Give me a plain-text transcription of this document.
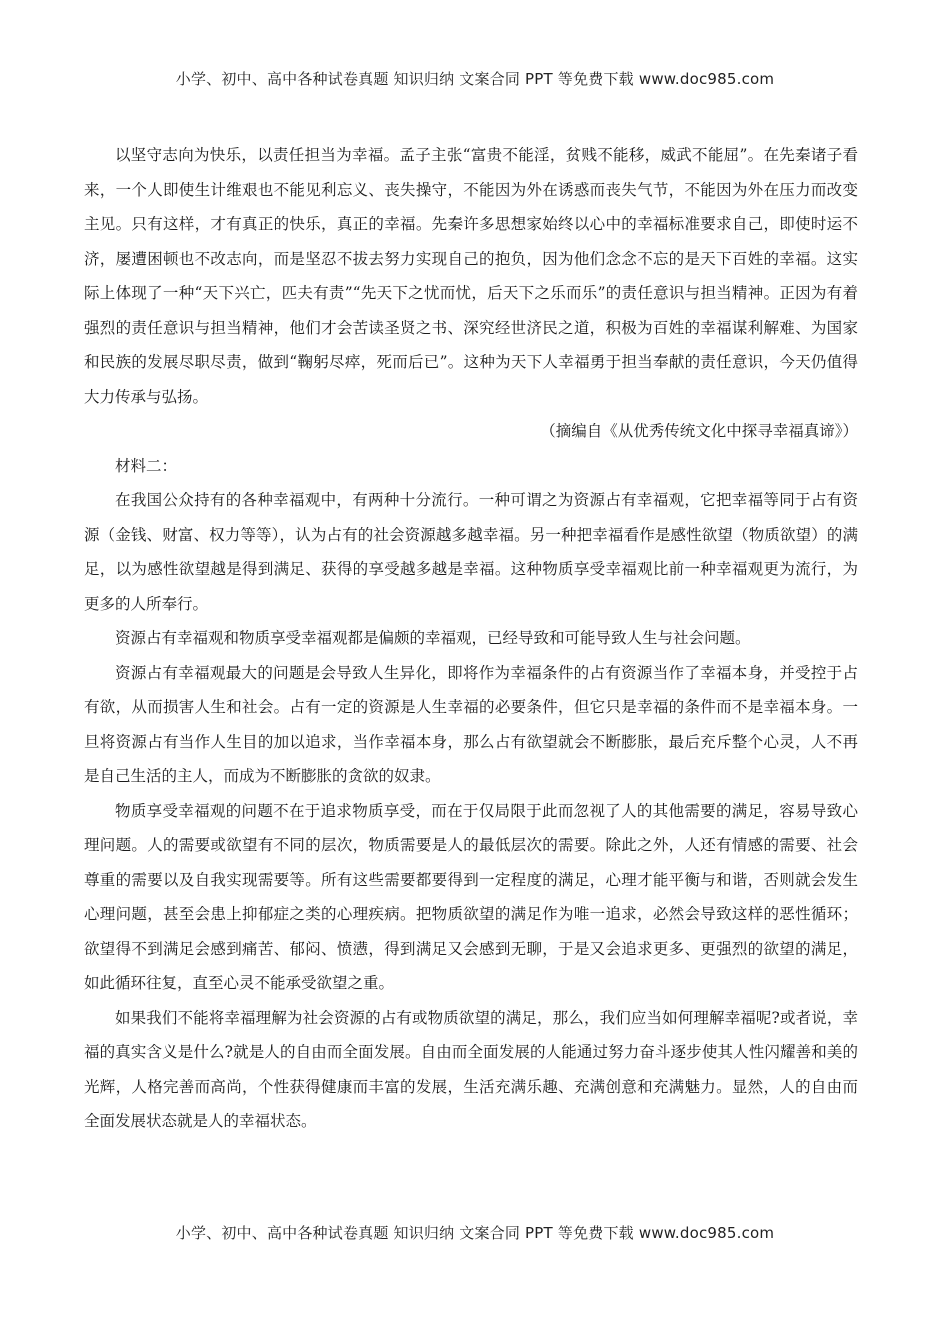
小学、初中、高中各种试卷真题 知识归纳 文案合同 PPT 等免费下载 www.doc985.com

以坚守志向为快乐，以责任担当为幸福。孟子主张“富贵不能淫，贫贱不能移，威武不能屈”。在先秦诸子看来，一个人即使生计维艰也不能见利忘义、丧失操守，不能因为外在诱惑而丧失气节，不能因为外在压力而改变主见。只有这样，才有真正的快乐，真正的幸福。先秦许多思想家始终以心中的幸福标准要求自己，即使时运不济，屡遭困顿也不改志向，而是坚忍不拔去努力实现自己的抱负，因为他们念念不忘的是天下百姓的幸福。这实际上体现了一种“天下兴亡，匹夫有责”“先天下之忧而忧，后天下之乐而乐”的责任意识与担当精神。正因为有着强烈的责任意识与担当精神，他们才会苦读圣贤之书、深究经世济民之道，积极为百姓的幸福谋利解难、为国家和民族的发展尽职尽责，做到“鞠躬尽瘁，死而后已”。这种为天下人幸福勇于担当奉献的责任意识，今天仍值得大力传承与弘扬。

（摘编自《从优秀传统文化中探寻幸福真谛》）

材料二：

在我国公众持有的各种幸福观中，有两种十分流行。一种可谓之为资源占有幸福观，它把幸福等同于占有资源（金钱、财富、权力等等），认为占有的社会资源越多越幸福。另一种把幸福看作是感性欲望（物质欲望）的满足，以为感性欲望越是得到满足、获得的享受越多越是幸福。这种物质享受幸福观比前一种幸福观更为流行，为更多的人所奉行。

资源占有幸福观和物质享受幸福观都是偏颇的幸福观，已经导致和可能导致人生与社会问题。

资源占有幸福观最大的问题是会导致人生异化，即将作为幸福条件的占有资源当作了幸福本身，并受控于占有欲，从而损害人生和社会。占有一定的资源是人生幸福的必要条件，但它只是幸福的条件而不是幸福本身。一旦将资源占有当作人生目的加以追求，当作幸福本身，那么占有欲望就会不断膨胀，最后充斥整个心灵，人不再是自己生活的主人，而成为不断膨胀的贪欲的奴隶。

物质享受幸福观的问题不在于追求物质享受，而在于仅局限于此而忽视了人的其他需要的满足，容易导致心理问题。人的需要或欲望有不同的层次，物质需要是人的最低层次的需要。除此之外，人还有情感的需要、社会尊重的需要以及自我实现需要等。所有这些需要都要得到一定程度的满足，心理才能平衡与和谐，否则就会发生心理问题，甚至会患上抑郁症之类的心理疾病。把物质欲望的满足作为唯一追求，必然会导致这样的恶性循环；欲望得不到满足会感到痛苦、郁闷、愤懑，得到满足又会感到无聊，于是又会追求更多、更强烈的欲望的满足，如此循环往复，直至心灵不能承受欲望之重。

如果我们不能将幸福理解为社会资源的占有或物质欲望的满足，那么，我们应当如何理解幸福呢?或者说，幸福的真实含义是什么?就是人的自由而全面发展。自由而全面发展的人能通过努力奋斗逐步使其人性闪耀善和美的光辉，人格完善而高尚，个性获得健康而丰富的发展，生活充满乐趣、充满创意和充满魅力。显然，人的自由而全面发展状态就是人的幸福状态。

小学、初中、高中各种试卷真题 知识归纳 文案合同 PPT 等免费下载 www.doc985.com
